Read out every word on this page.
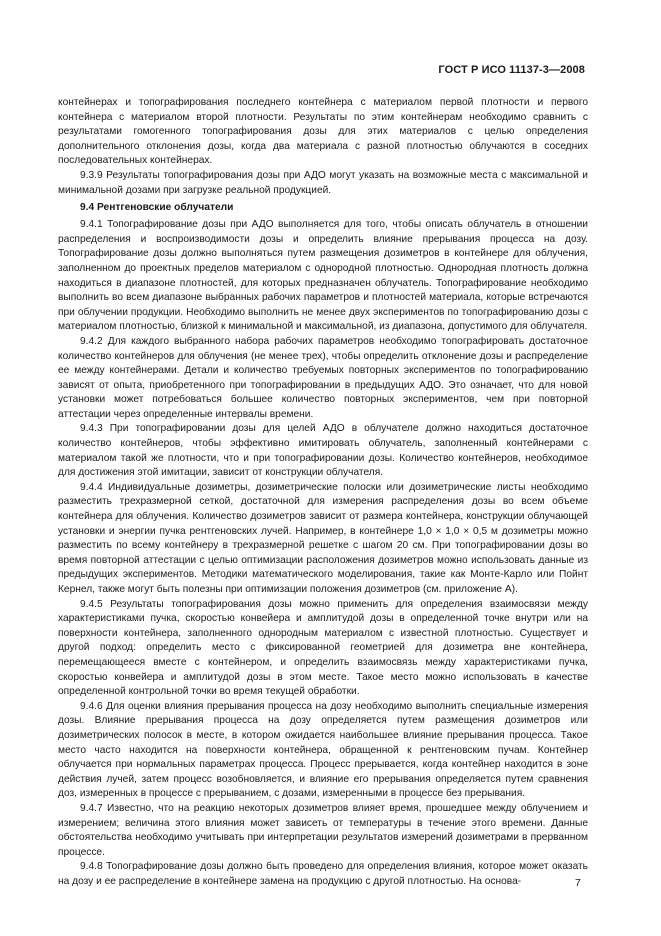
ГОСТ Р ИСО 11137-3—2008

контейнерах и топографирования последнего контейнера с материалом первой плотности и первого контейнера с материалом второй плотности. Результаты по этим контейнерам необходимо сравнить с результатами гомогенного топографирования дозы для этих материалов с целью определения дополнительного отклонения дозы, когда два материала с разной плотностью облучаются в соседних последовательных контейнерах.

9.3.9 Результаты топографирования дозы при АДО могут указать на возможные места с максимальной и минимальной дозами при загрузке реальной продукцией.

9.4 Рентгеновские облучатели

9.4.1 Топографирование дозы при АДО выполняется для того, чтобы описать облучатель в отношении распределения и воспроизводимости дозы и определить влияние прерывания процесса на дозу. Топографирование дозы должно выполняться путем размещения дозиметров в контейнере для облучения, заполненном до проектных пределов материалом с однородной плотностью. Однородная плотность должна находиться в диапазоне плотностей, для которых предназначен облучатель. Топографирование необходимо выполнить во всем диапазоне выбранных рабочих параметров и плотностей материала, которые встречаются при облучении продукции. Необходимо выполнить не менее двух экспериментов по топографированию дозы с материалом плотностью, близкой к минимальной и максимальной, из диапазона, допустимого для облучателя.

9.4.2 Для каждого выбранного набора рабочих параметров необходимо топографировать достаточное количество контейнеров для облучения (не менее трех), чтобы определить отклонение дозы и распределение ее между контейнерами. Детали и количество требуемых повторных экспериментов по топографированию зависят от опыта, приобретенного при топографировании в предыдущих АДО. Это означает, что для новой установки может потребоваться большее количество повторных экспериментов, чем при повторной аттестации через определенные интервалы времени.

9.4.3 При топографировании дозы для целей АДО в облучателе должно находиться достаточное количество контейнеров, чтобы эффективно имитировать облучатель, заполненный контейнерами с материалом такой же плотности, что и при топографировании дозы. Количество контейнеров, необходимое для достижения этой имитации, зависит от конструкции облучателя.

9.4.4 Индивидуальные дозиметры, дозиметрические полоски или дозиметрические листы необходимо разместить трехразмерной сеткой, достаточной для измерения распределения дозы во всем объеме контейнера для облучения. Количество дозиметров зависит от размера контейнера, конструкции облучающей установки и энергии пучка рентгеновских лучей. Например, в контейнере 1,0 × 1,0 × 0,5 м дозиметры можно разместить по всему контейнеру в трехразмерной решетке с шагом 20 см. При топографировании дозы во время повторной аттестации с целью оптимизации расположения дозиметров можно использовать данные из предыдущих экспериментов. Методики математического моделирования, такие как Монте-Карло или Пойнт Кернел, также могут быть полезны при оптимизации положения дозиметров (см. приложение А).

9.4.5 Результаты топографирования дозы можно применить для определения взаимосвязи между характеристиками пучка, скоростью конвейера и амплитудой дозы в определенной точке внутри или на поверхности контейнера, заполненного однородным материалом с известной плотностью. Существует и другой подход: определить место с фиксированной геометрией для дозиметра вне контейнера, перемещающееся вместе с контейнером, и определить взаимосвязь между характеристиками пучка, скоростью конвейера и амплитудой дозы в этом месте. Такое место можно использовать в качестве определенной контрольной точки во время текущей обработки.

9.4.6 Для оценки влияния прерывания процесса на дозу необходимо выполнить специальные измерения дозы. Влияние прерывания процесса на дозу определяется путем размещения дозиметров или дозиметрических полосок в месте, в котором ожидается наибольшее влияние прерывания процесса. Такое место часто находится на поверхности контейнера, обращенной к рентгеновским пучам. Контейнер облучается при нормальных параметрах процесса. Процесс прерывается, когда контейнер находится в зоне действия лучей, затем процесс возобновляется, и влияние его прерывания определяется путем сравнения доз, измеренных в процессе с прерыванием, с дозами, измеренными в процессе без прерывания.

9.4.7 Известно, что на реакцию некоторых дозиметров влияет время, прошедшее между облучением и измерением; величина этого влияния может зависеть от температуры в течение этого времени. Данные обстоятельства необходимо учитывать при интерпретации результатов измерений дозиметрами в прерванном процессе.

9.4.8 Топографирование дозы должно быть проведено для определения влияния, которое может оказать на дозу и ее распределение в контейнере замена на продукцию с другой плотностью. На основа-	7
